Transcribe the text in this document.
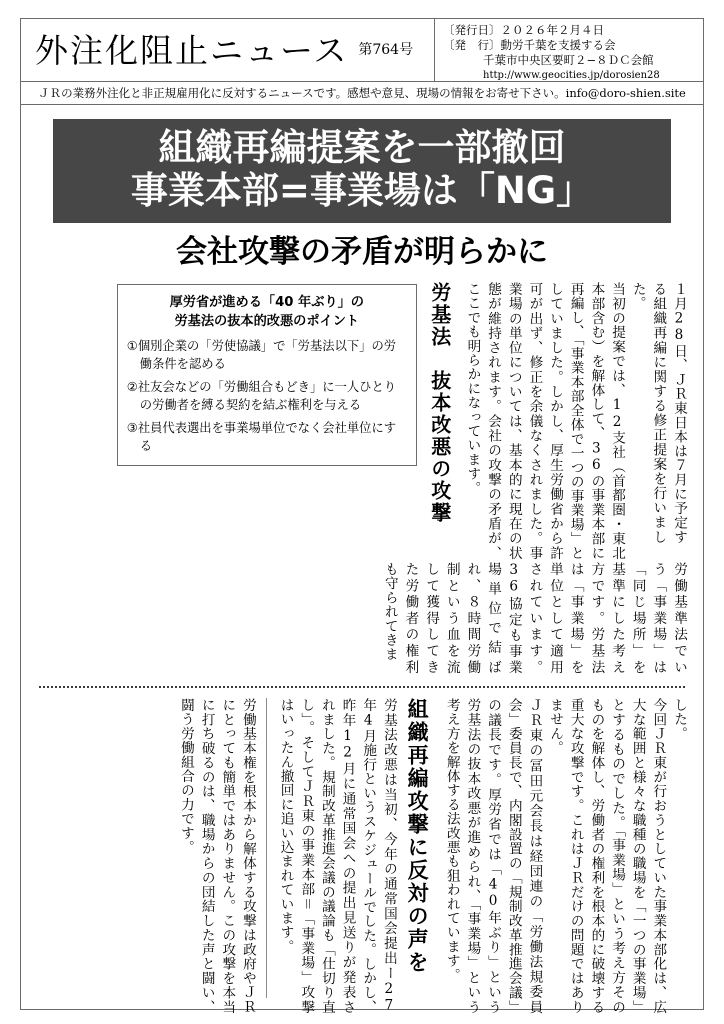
外注化阻止ニュース 第764号
〔発行日〕２０２６年２月４日
〔発　行〕動労千葉を支援する会
千葉市中央区要町２−８ＤＣ会館
http://www.geocities.jp/dorosien28
ＪＲの業務外注化と非正規雇用化に反対するニュースです。感想や意見、現場の情報をお寄せ下さい。info@doro-shien.site
組織再編提案を一部撤回
事業本部=事業場は「NG」
会社攻撃の矛盾が明らかに
１月28日、ＪＲ東日本は７月に予定する組織再編に関する修正提案を行いました。
当初の提案では、12支社（首都圏・東北本部含む）を解体して、36の事業本部に再編し、「事業本部全体で一つの事業場」としていました。しかし、厚生労働省から許可が出ず、修正を余儀なくされました。事業場の単位については、基本的に現在の状態が維持されます。会社の攻撃の矛盾が、ここでも明らかになっています。
労基法　抜本改悪の攻撃
厚労省が進める「40 年ぶり」の
労基法の抜本的改悪のポイント
①個別企業の「労使協議」で「労基法以下」の労働条件を認める
②社友会などの「労働組合もどき」に一人ひとりの労働者を縛る契約を結ぶ権利を与える
③社員代表選出を事業場単位でなく会社単位にする
労働基準法でいう「事業場」は「同じ場所」を基準にした考え方です。労基法は「事業場」を単位として適用されています。36協定も事業場単位で結ばれ、８時間労働制という血を流して獲得してきた労働者の権利も守られてきま
した。
今回ＪＲ東が行おうとしていた事業本部化は、広大な範囲と様々な職種の職場を「一つの事業場」とするものでした。「事業場」という考え方そのものを解体し、労働者の権利を根本的に破壊する重大な攻撃です。これはＪＲだけの問題ではありません。
ＪＲ東の冨田元会長は経団連の「労働法規委員会」委員長で、内閣設置の「規制改革推進会議」の議長です。厚労省では「40年ぶり」という労基法の抜本改悪が進められ、「事業場」という考え方を解体する法改悪も狙われています。
組織再編攻撃に反対の声を
労基法改悪は当初、今年の通常国会提出ー27年4月施行というスケジュールでした。しかし、昨年12月に通常国会への提出見送りが発表されました。規制改革推進会議の議論も「仕切り直し」。そしてＪＲ東の事業本部＝「事業場」攻撃はいったん撤回に追い込まれています。
労働基本権を根本から解体する攻撃は政府やＪＲにとっても簡単ではありません。この攻撃を本当に打ち破るのは、職場からの団結した声と闘い、闘う労働組合の力です。
